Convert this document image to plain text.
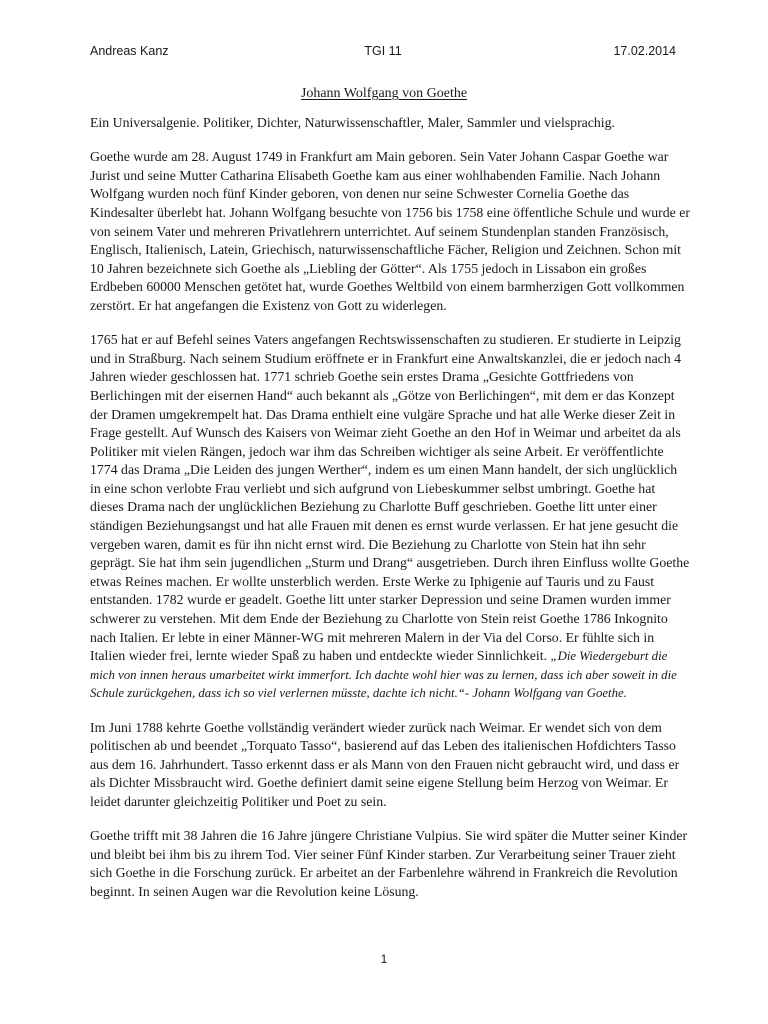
Andreas Kanz	TGI 11	17.02.2014
Johann Wolfgang von Goethe

Ein Universalgenie. Politiker, Dichter, Naturwissenschaftler, Maler, Sammler und vielsprachig.

Goethe wurde am 28. August 1749 in Frankfurt am Main geboren. Sein Vater Johann Caspar Goethe war Jurist und seine Mutter Catharina Elisabeth Goethe kam aus einer wohlhabenden Familie. Nach Johann Wolfgang wurden noch fünf Kinder geboren, von denen nur seine Schwester Cornelia Goethe das Kindesalter überlebt hat. Johann Wolfgang besuchte von 1756 bis 1758 eine öffentliche Schule und wurde er von seinem Vater und mehreren Privatlehrern unterrichtet. Auf seinem Stundenplan standen Französisch, Englisch, Italienisch, Latein, Griechisch, naturwissenschaftliche Fächer, Religion und Zeichnen. Schon mit 10 Jahren bezeichnete sich Goethe als „Liebling der Götter“. Als 1755 jedoch in Lissabon ein großes Erdbeben 60000 Menschen getötet hat, wurde Goethes Weltbild von einem barmherzigen Gott vollkommen zerstört. Er hat angefangen die Existenz von Gott zu widerlegen.

1765 hat er auf Befehl seines Vaters angefangen Rechtswissenschaften zu studieren. Er studierte in Leipzig und in Straßburg. Nach seinem Studium eröffnete er in Frankfurt eine Anwaltskanzlei, die er jedoch nach 4 Jahren wieder geschlossen hat. 1771 schrieb Goethe sein erstes Drama „Gesichte Gottfriedens von Berlichingen mit der eisernen Hand“ auch bekannt als „Götze von Berlichingen“, mit dem er das Konzept der Dramen umgekrempelt hat. Das Drama enthielt eine vulgäre Sprache und hat alle Werke dieser Zeit in Frage gestellt. Auf Wunsch des Kaisers von Weimar zieht Goethe an den Hof in Weimar und arbeitet da als Politiker mit vielen Rängen, jedoch war ihm das Schreiben wichtiger als seine Arbeit. Er veröffentlichte 1774 das Drama „Die Leiden des jungen Werther“, indem es um einen Mann handelt, der sich unglücklich in eine schon verlobte Frau verliebt und sich aufgrund von Liebeskummer selbst umbringt. Goethe hat dieses Drama nach der unglücklichen Beziehung zu Charlotte Buff geschrieben. Goethe litt unter einer ständigen Beziehungsangst und hat alle Frauen mit denen es ernst wurde verlassen. Er hat jene gesucht die vergeben waren, damit es für ihn nicht ernst wird. Die Beziehung zu Charlotte von Stein hat ihn sehr geprägt. Sie hat ihm sein jugendlichen „Sturm und Drang“ ausgetrieben. Durch ihren Einfluss wollte Goethe etwas Reines machen. Er wollte unsterblich werden. Erste Werke zu Iphigenie auf Tauris und zu Faust entstanden. 1782 wurde er geadelt. Goethe litt unter starker Depression und seine Dramen wurden immer schwerer zu verstehen. Mit dem Ende der Beziehung zu Charlotte von Stein reist Goethe 1786 Inkognito nach Italien. Er lebte in einer Männer-WG mit mehreren Malern in der Via del Corso. Er fühlte sich in Italien wieder frei, lernte wieder Spaß zu haben und entdeckte wieder Sinnlichkeit. „Die Wiedergeburt die mich von innen heraus umarbeitet wirkt immerfort. Ich dachte wohl hier was zu lernen, dass ich aber soweit in die Schule zurückgehen, dass ich so viel verlernen müsste, dachte ich nicht.“- Johann Wolfgang van Goethe.

Im Juni 1788 kehrte Goethe vollständig verändert wieder zurück nach Weimar. Er wendet sich von dem politischen ab und beendet „Torquato Tasso“, basierend auf das Leben des italienischen Hofdichters Tasso aus dem 16. Jahrhundert. Tasso erkennt dass er als Mann von den Frauen nicht gebraucht wird, und dass er als Dichter Missbraucht wird. Goethe definiert damit seine eigene Stellung beim Herzog von Weimar. Er leidet darunter gleichzeitig Politiker und Poet zu sein.

Goethe trifft mit 38 Jahren die 16 Jahre jüngere Christiane Vulpius. Sie wird später die Mutter seiner Kinder und bleibt bei ihm bis zu ihrem Tod. Vier seiner Fünf Kinder starben. Zur Verarbeitung seiner Trauer zieht sich Goethe in die Forschung zurück. Er arbeitet an der Farbenlehre während in Frankreich die Revolution beginnt. In seinen Augen war die Revolution keine Lösung.

1
